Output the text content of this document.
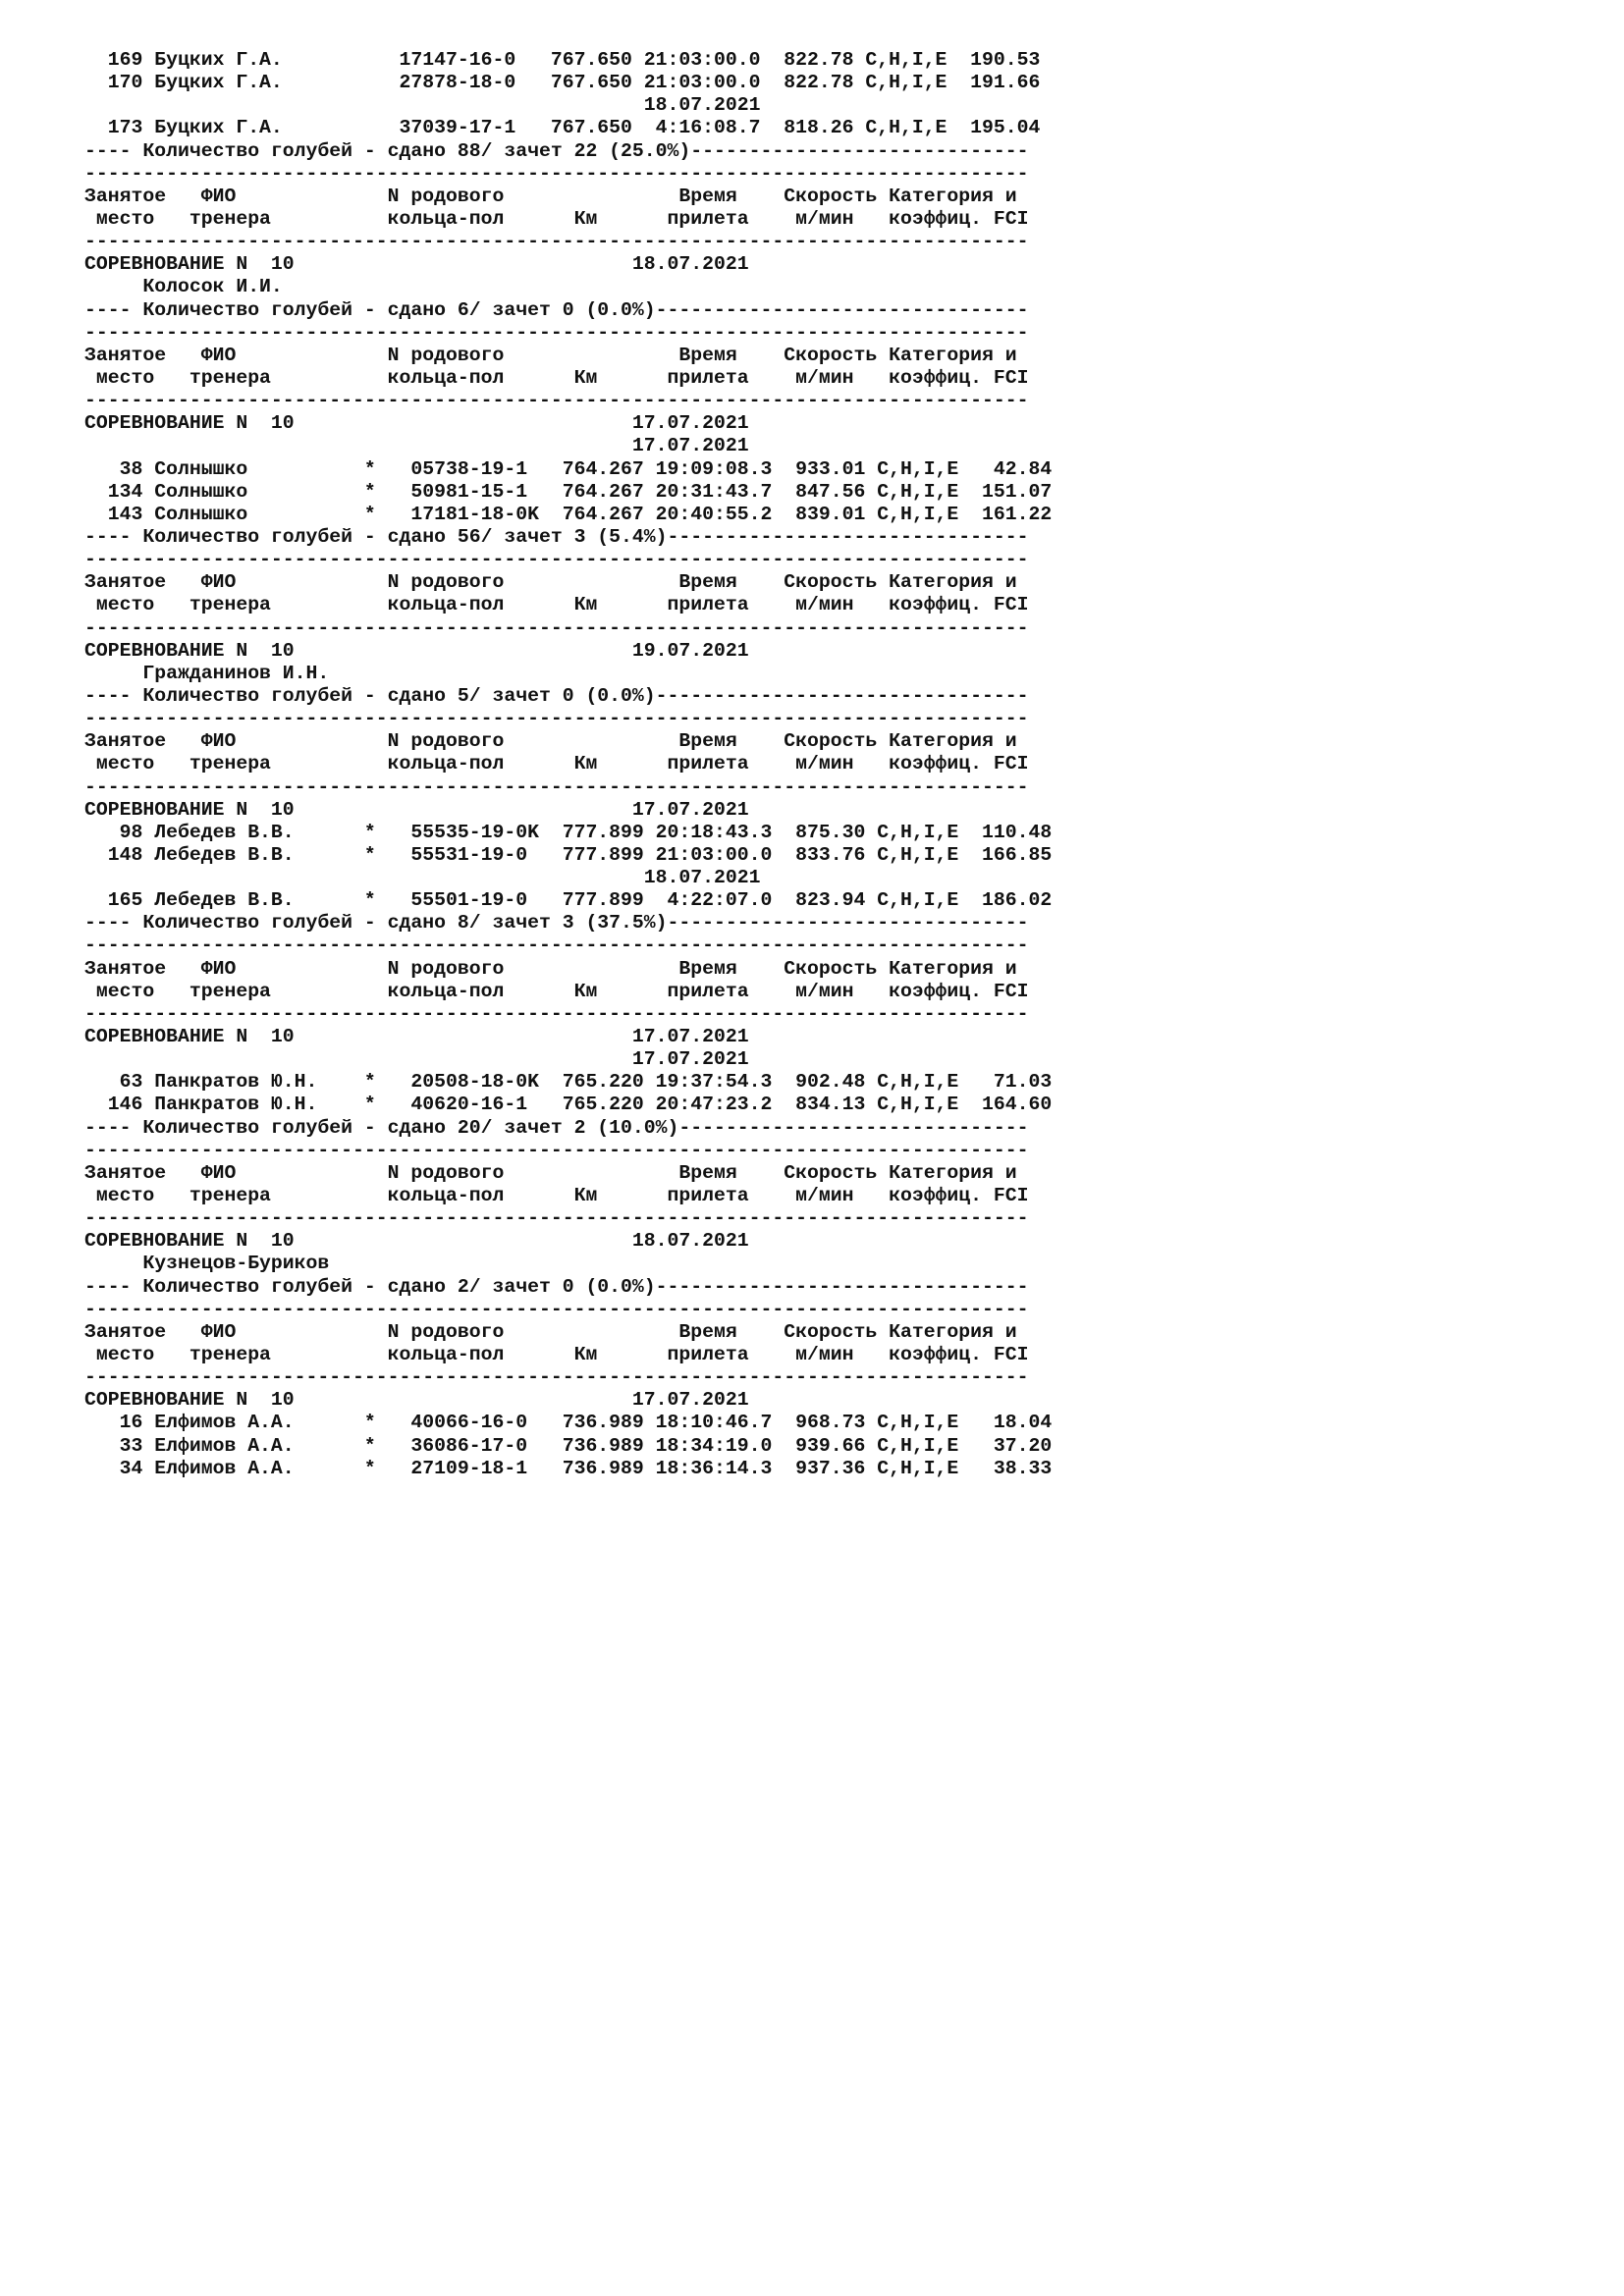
169 Буцких Г.А.          17147-16-0   767.650 21:03:00.0  822.78 C,H,I,E  190.53
170 Буцких Г.А.          27878-18-0   767.650 21:03:00.0  822.78 C,H,I,E  191.66
18.07.2021
173 Буцких Г.А.          37039-17-1   767.650  4:16:08.7  818.26 C,H,I,E  195.04
---- Количество голубей - сдано 88/ зачет 22 (25.0%)-----------------------------
---------------------------------------------------------------------------------
Занятое   ФИО             N родового               Время    Скорость Категория и
место   тренера          кольца-пол      Км      прилета    м/мин   коэффиц. FCI
---------------------------------------------------------------------------------
СОРЕВНОВАНИЕ N  10                             18.07.2021
Колосок И.И.
---- Количество голубей - сдано 6/ зачет 0 (0.0%)--------------------------------
---------------------------------------------------------------------------------
Занятое   ФИО             N родового               Время    Скорость Категория и
место   тренера          кольца-пол      Км      прилета    м/мин   коэффиц. FCI
---------------------------------------------------------------------------------
СОРЕВНОВАНИЕ N  10                             17.07.2021
17.07.2021
38 Солнышко          *   05738-19-1   764.267 19:09:08.3  933.01 C,H,I,E   42.84
134 Солнышко          *   50981-15-1   764.267 20:31:43.7  847.56 C,H,I,E  151.07
143 Солнышко          *   17181-18-0K  764.267 20:40:55.2  839.01 C,H,I,E  161.22
---- Количество голубей - сдано 56/ зачет 3 (5.4%)-------------------------------
---------------------------------------------------------------------------------
Занятое   ФИО             N родового               Время    Скорость Категория и
место   тренера          кольца-пол      Км      прилета    м/мин   коэффиц. FCI
---------------------------------------------------------------------------------
СОРЕВНОВАНИЕ N  10                             19.07.2021
Гражданинов И.Н.
---- Количество голубей - сдано 5/ зачет 0 (0.0%)--------------------------------
---------------------------------------------------------------------------------
Занятое   ФИО             N родового               Время    Скорость Категория и
место   тренера          кольца-пол      Км      прилета    м/мин   коэффиц. FCI
---------------------------------------------------------------------------------
СОРЕВНОВАНИЕ N  10                             17.07.2021
98 Лебедев В.В.      *   55535-19-0K  777.899 20:18:43.3  875.30 C,H,I,E  110.48
148 Лебедев В.В.      *   55531-19-0   777.899 21:03:00.0  833.76 C,H,I,E  166.85
18.07.2021
165 Лебедев В.В.      *   55501-19-0   777.899  4:22:07.0  823.94 C,H,I,E  186.02
---- Количество голубей - сдано 8/ зачет 3 (37.5%)-------------------------------
---------------------------------------------------------------------------------
Занятое   ФИО             N родового               Время    Скорость Категория и
место   тренера          кольца-пол      Км      прилета    м/мин   коэффиц. FCI
---------------------------------------------------------------------------------
СОРЕВНОВАНИЕ N  10                             17.07.2021
17.07.2021
63 Панкратов Ю.Н.    *   20508-18-0K  765.220 19:37:54.3  902.48 C,H,I,E   71.03
146 Панкратов Ю.Н.    *   40620-16-1   765.220 20:47:23.2  834.13 C,H,I,E  164.60
---- Количество голубей - сдано 20/ зачет 2 (10.0%)------------------------------
---------------------------------------------------------------------------------
Занятое   ФИО             N родового               Время    Скорость Категория и
место   тренера          кольца-пол      Км      прилета    м/мин   коэффиц. FCI
---------------------------------------------------------------------------------
СОРЕВНОВАНИЕ N  10                             18.07.2021
Кузнецов-Буриков
---- Количество голубей - сдано 2/ зачет 0 (0.0%)--------------------------------
---------------------------------------------------------------------------------
Занятое   ФИО             N родового               Время    Скорость Категория и
место   тренера          кольца-пол      Км      прилета    м/мин   коэффиц. FCI
---------------------------------------------------------------------------------
СОРЕВНОВАНИЕ N  10                             17.07.2021
16 Елфимов А.А.      *   40066-16-0   736.989 18:10:46.7  968.73 C,H,I,E   18.04
33 Елфимов А.А.      *   36086-17-0   736.989 18:34:19.0  939.66 C,H,I,E   37.20
34 Елфимов А.А.      *   27109-18-1   736.989 18:36:14.3  937.36 C,H,I,E   38.33
